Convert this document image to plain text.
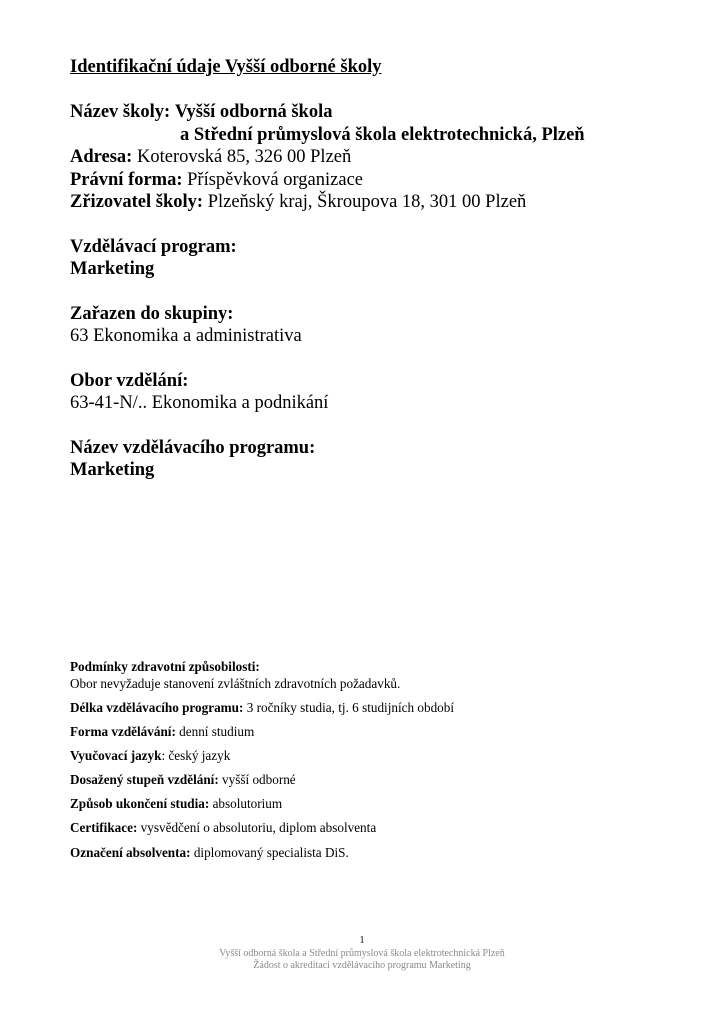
Identifikační údaje Vyšší odborné školy
Název školy: Vyšší odborná škola
a Střední průmyslová škola elektrotechnická, Plzeň
Adresa: Koterovská 85, 326 00 Plzeň
Právní forma: Příspěvková organizace
Zřizovatel školy: Plzeňský kraj, Škroupova 18, 301 00 Plzeň
Vzdělávací program:
Marketing
Zařazen do skupiny:
63 Ekonomika a administrativa
Obor vzdělání:
63-41-N/.. Ekonomika a podnikání
Název vzdělávacího programu:
Marketing
Podmínky zdravotní způsobilosti:
Obor nevyžaduje stanovení zvláštních zdravotních požadavků.
Délka vzdělávacího programu: 3 ročníky studia, tj. 6 studijních období
Forma vzdělávání: denní studium
Vyučovací jazyk: český jazyk
Dosažený stupeň vzdělání: vyšší odborné
Způsob ukončení studia: absolutorium
Certifikace: vysvědčení o absolutoriu, diplom absolventa
Označení absolventa: diplomovaný specialista DiS.
1
Vyšší odborná škola a Střední průmyslová škola elektrotechnická Plzeň
Žádost o akreditaci vzdělávacího programu Marketing
